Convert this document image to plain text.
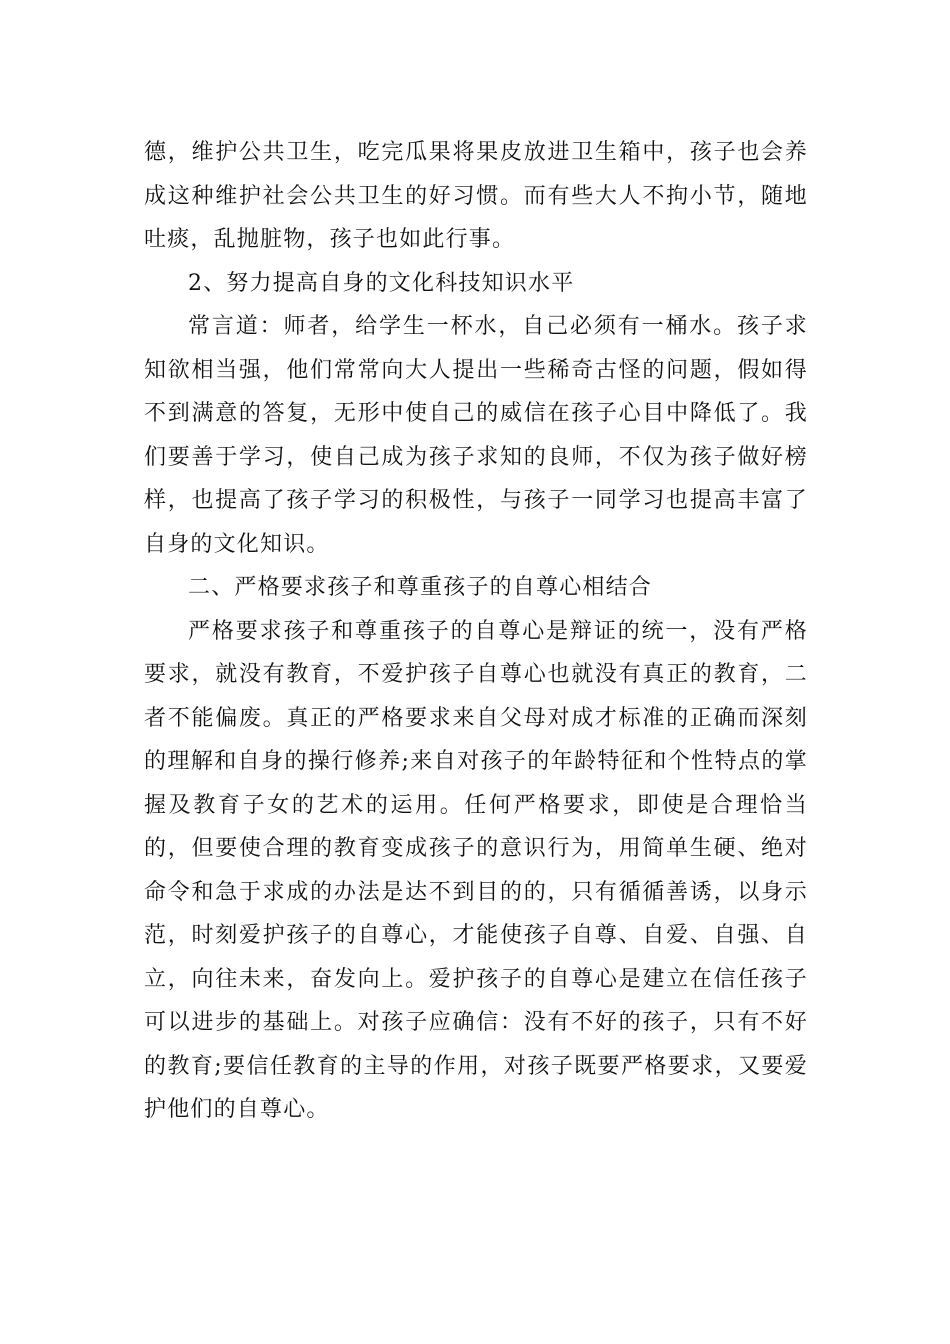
德，维护公共卫生，吃完瓜果将果皮放进卫生箱中，孩子也会养成这种维护社会公共卫生的好习惯。而有些大人不拘小节，随地吐痰，乱抛脏物，孩子也如此行事。

2、努力提高自身的文化科技知识水平

常言道：师者，给学生一杯水，自己必须有一桶水。孩子求知欲相当强，他们常常向大人提出一些稀奇古怪的问题，假如得不到满意的答复，无形中使自己的威信在孩子心目中降低了。我们要善于学习，使自己成为孩子求知的良师，不仅为孩子做好榜样，也提高了孩子学习的积极性，与孩子一同学习也提高丰富了自身的文化知识。

二、严格要求孩子和尊重孩子的自尊心相结合

严格要求孩子和尊重孩子的自尊心是辩证的统一，没有严格要求，就没有教育，不爱护孩子自尊心也就没有真正的教育，二者不能偏废。真正的严格要求来自父母对成才标准的正确而深刻的理解和自身的操行修养;来自对孩子的年龄特征和个性特点的掌握及教育子女的艺术的运用。任何严格要求，即使是合理恰当的，但要使合理的教育变成孩子的意识行为，用简单生硬、绝对命令和急于求成的办法是达不到目的的，只有循循善诱，以身示范，时刻爱护孩子的自尊心，才能使孩子自尊、自爱、自强、自立，向往未来，奋发向上。爱护孩子的自尊心是建立在信任孩子可以进步的基础上。对孩子应确信：没有不好的孩子，只有不好的教育;要信任教育的主导的作用，对孩子既要严格要求，又要爱护他们的自尊心。
